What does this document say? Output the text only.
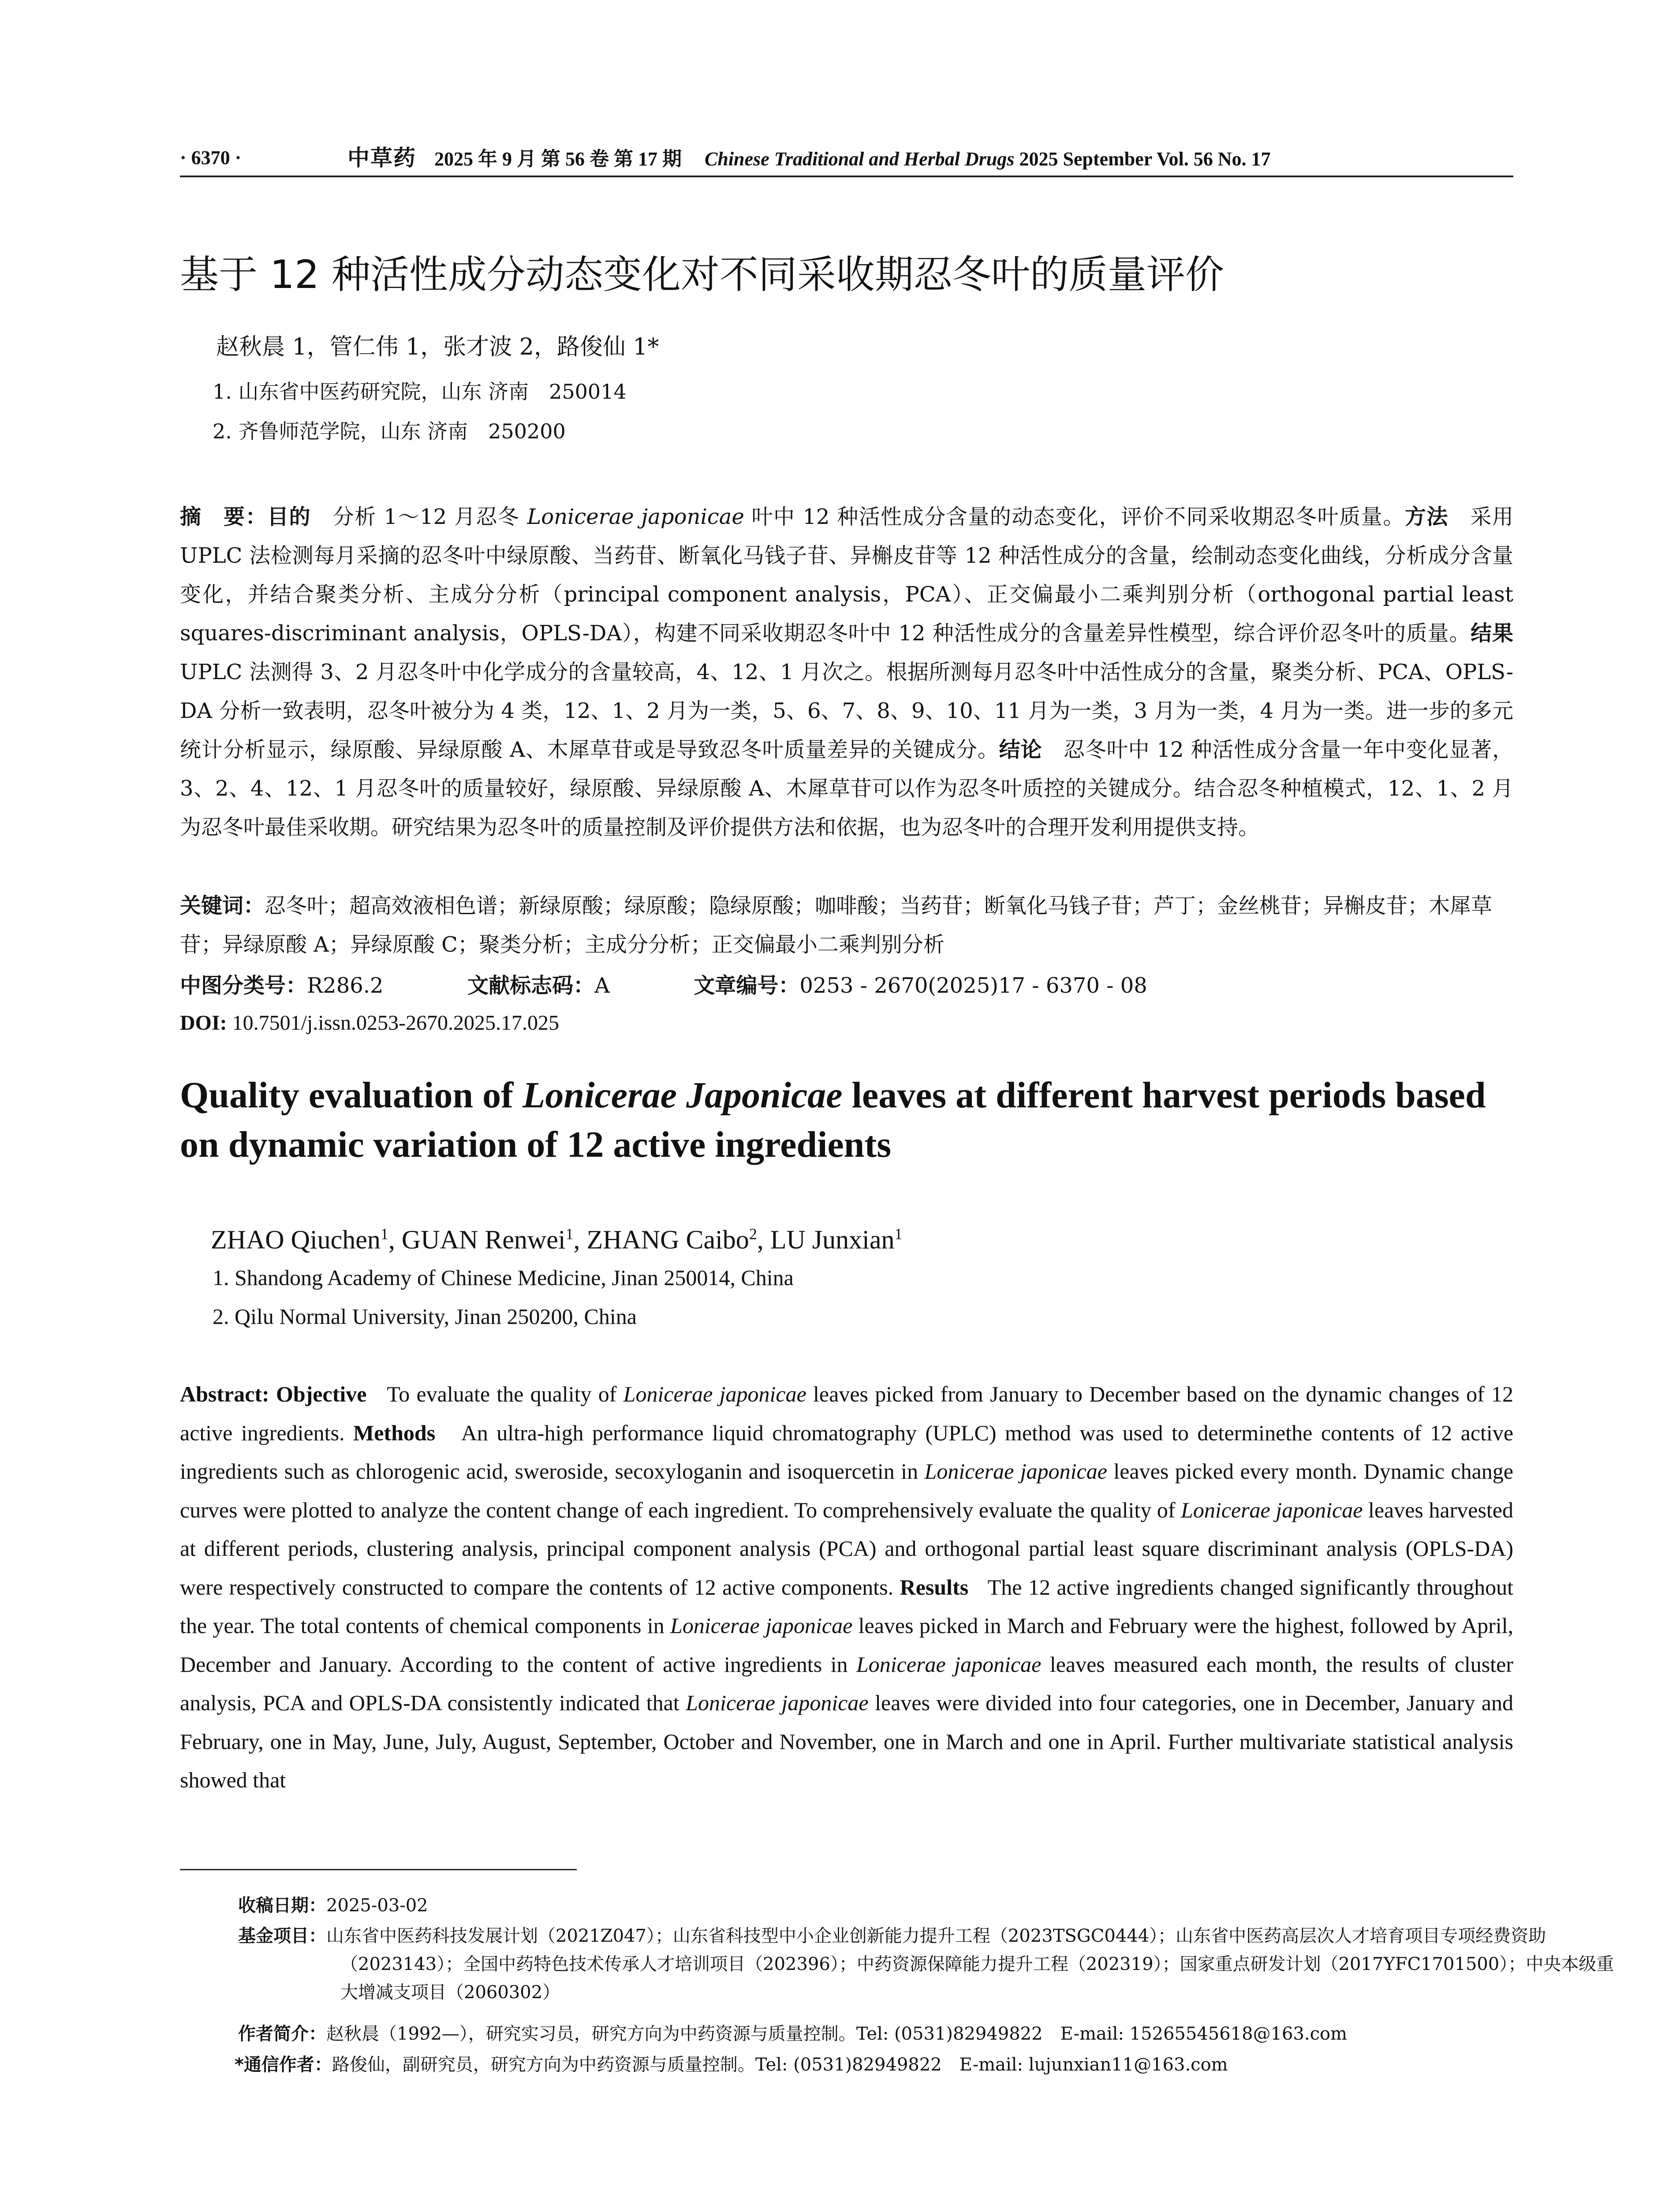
· 6370 ·	中草药 2025 年 9 月 第 56 卷 第 17 期 Chinese Traditional and Herbal Drugs 2025 September Vol. 56 No. 17
基于 12 种活性成分动态变化对不同采收期忍冬叶的质量评价
赵秋晨 1，管仁伟 1，张才波 2，路俊仙 1*
1. 山东省中医药研究院，山东 济南　250014
2. 齐鲁师范学院，山东 济南　250200
摘　要：目的　 分析 1～12 月忍冬 Lonicerae japonicae 叶中 12 种活性成分含量的动态变化，评价不同采收期忍冬叶质量。方法　 采用 UPLC 法检测每月采摘的忍冬叶中绿原酸、当药苷、断氧化马钱子苷、异槲皮苷等 12 种活性成分的含量，绘制动态变化曲线，分析成分含量变化，并结合聚类分析、主成分分析（principal component analysis，PCA）、正交偏最小二乘判别分析（orthogonal partial least squares-discriminant analysis，OPLS-DA），构建不同采收期忍冬叶中 12 种活性成分的含量差异性模型，综合评价忍冬叶的质量。结果　UPLC 法测得 3、2 月忍冬叶中化学成分的含量较高，4、12、1 月次之。根据所测每月忍冬叶中活性成分的含量，聚类分析、PCA、OPLS-DA 分析一致表明，忍冬叶被分为 4 类，12、1、2 月为一类，5、6、7、8、9、10、11 月为一类，3 月为一类，4 月为一类。进一步的多元统计分析显示，绿原酸、异绿原酸 A、木犀草苷或是导致忍冬叶质量差异的关键成分。结论　 忍冬叶中 12 种活性成分含量一年中变化显著，3、2、4、12、1 月忍冬叶的质量较好，绿原酸、异绿原酸 A、木犀草苷可以作为忍冬叶质控的关键成分。结合忍冬种植模式，12、1、2 月为忍冬叶最佳采收期。研究结果为忍冬叶的质量控制及评价提供方法和依据，也为忍冬叶的合理开发利用提供支持。
关键词：忍冬叶；超高效液相色谱；新绿原酸；绿原酸；隐绿原酸；咖啡酸；当药苷；断氧化马钱子苷；芦丁；金丝桃苷；异槲皮苷；木犀草苷；异绿原酸 A；异绿原酸 C；聚类分析；主成分分析；正交偏最小二乘判别分析
中图分类号：R286.2	文献标志码：A	文章编号：0253 - 2670(2025)17 - 6370 - 08
DOI: 10.7501/j.issn.0253-2670.2025.17.025
Quality evaluation of Lonicerae Japonicae leaves at different harvest periods based on dynamic variation of 12 active ingredients
ZHAO Qiuchen$^1$, GUAN Renwei$^1$, ZHANG Caibo$^2$, LU Junxian$^1$
1. Shandong Academy of Chinese Medicine, Jinan 250014, China
2. Qilu Normal University, Jinan 250200, China
Abstract: Objective To evaluate the quality of Lonicerae japonicae leaves picked from January to December based on the dynamic changes of 12 active ingredients. Methods An ultra-high performance liquid chromatography (UPLC) method was used to determinethe contents of 12 active ingredients such as chlorogenic acid, sweroside, secoxyloganin and isoquercetin in Lonicerae japonicae leaves picked every month. Dynamic change curves were plotted to analyze the content change of each ingredient. To comprehensively evaluate the quality of Lonicerae japonicae leaves harvested at different periods, clustering analysis, principal component analysis (PCA) and orthogonal partial least square discriminant analysis (OPLS-DA) were respectively constructed to compare the contents of 12 active components. Results The 12 active ingredients changed significantly throughout the year. The total contents of chemical components in Lonicerae japonicae leaves picked in March and February were the highest, followed by April, December and January. According to the content of active ingredients in Lonicerae japonicae leaves measured each month, the results of cluster analysis, PCA and OPLS-DA consistently indicated that Lonicerae japonicae leaves were divided into four categories, one in December, January and February, one in May, June, July, August, September, October and November, one in March and one in April. Further multivariate statistical analysis showed that
收稿日期：2025-03-02
基金项目：山东省中医药科技发展计划（2021Z047）；山东省科技型中小企业创新能力提升工程（2023TSGC0444）；山东省中医药高层次人才培育项目专项经费资助（2023143）；全国中药特色技术传承人才培训项目（202396）；中药资源保障能力提升工程（202319）；国家重点研发计划（2017YFC1701500）；中央本级重大增减支项目（2060302）
作者简介：赵秋晨（1992—），研究实习员，研究方向为中药资源与质量控制。Tel: (0531)82949822　E-mail: 15265545618@163.com
*通信作者：路俊仙，副研究员，研究方向为中药资源与质量控制。Tel: (0531)82949822　E-mail: lujunxian11@163.com
